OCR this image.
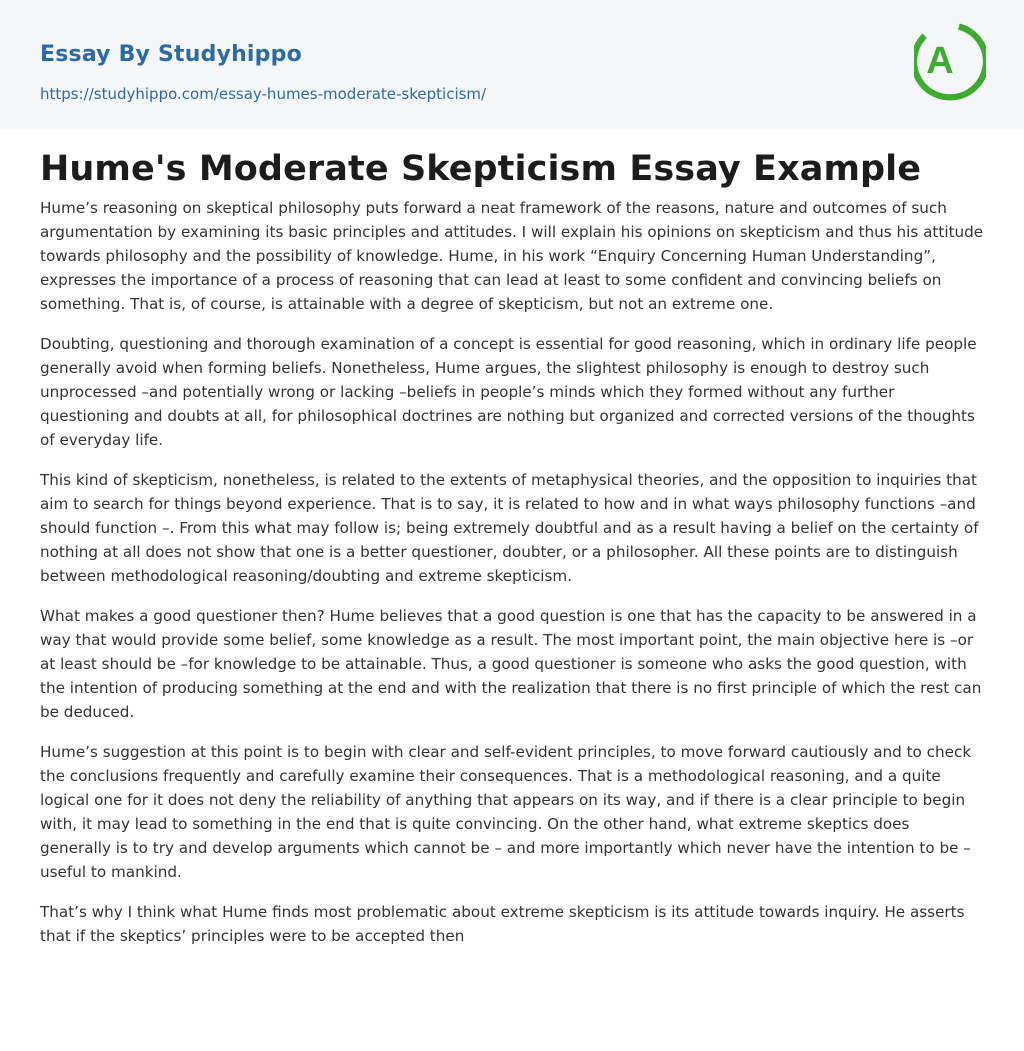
Essay By Studyhippo
https://studyhippo.com/essay-humes-moderate-skepticism/
A
Hume's Moderate Skepticism Essay Example

Hume’s reasoning on skeptical philosophy puts forward a neat framework of the reasons, nature and outcomes of such argumentation by examining its basic principles and attitudes. I will explain his opinions on skepticism and thus his attitude towards philosophy and the possibility of knowledge. Hume, in his work “Enquiry Concerning Human Understanding”, expresses the importance of a process of reasoning that can lead at least to some confident and convincing beliefs on something. That is, of course, is attainable with a degree of skepticism, but not an extreme one.

Doubting, questioning and thorough examination of a concept is essential for good reasoning, which in ordinary life people generally avoid when forming beliefs. Nonetheless, Hume argues, the slightest philosophy is enough to destroy such unprocessed –and potentially wrong or lacking –beliefs in people’s minds which they formed without any further questioning and doubts at all, for philosophical doctrines are nothing but organized and corrected versions of the thoughts of everyday life.

This kind of skepticism, nonetheless, is related to the extents of metaphysical theories, and the opposition to inquiries that aim to search for things beyond experience. That is to say, it is related to how and in what ways philosophy functions –and should function –. From this what may follow is; being extremely doubtful and as a result having a belief on the certainty of nothing at all does not show that one is a better questioner, doubter, or a philosopher. All these points are to distinguish between methodological reasoning/doubting and extreme skepticism.

What makes a good questioner then? Hume believes that a good question is one that has the capacity to be answered in a way that would provide some belief, some knowledge as a result. The most important point, the main objective here is –or at least should be –for knowledge to be attainable. Thus, a good questioner is someone who asks the good question, with the intention of producing something at the end and with the realization that there is no first principle of which the rest can be deduced.

Hume’s suggestion at this point is to begin with clear and self-evident principles, to move forward cautiously and to check the conclusions frequently and carefully examine their consequences. That is a methodological reasoning, and a quite logical one for it does not deny the reliability of anything that appears on its way, and if there is a clear principle to begin with, it may lead to something in the end that is quite convincing. On the other hand, what extreme skeptics does generally is to try and develop arguments which cannot be – and more importantly which never have the intention to be – useful to mankind.

That’s why I think what Hume finds most problematic about extreme skepticism is its attitude towards inquiry. He asserts that if the skeptics’ principles were to be accepted then
